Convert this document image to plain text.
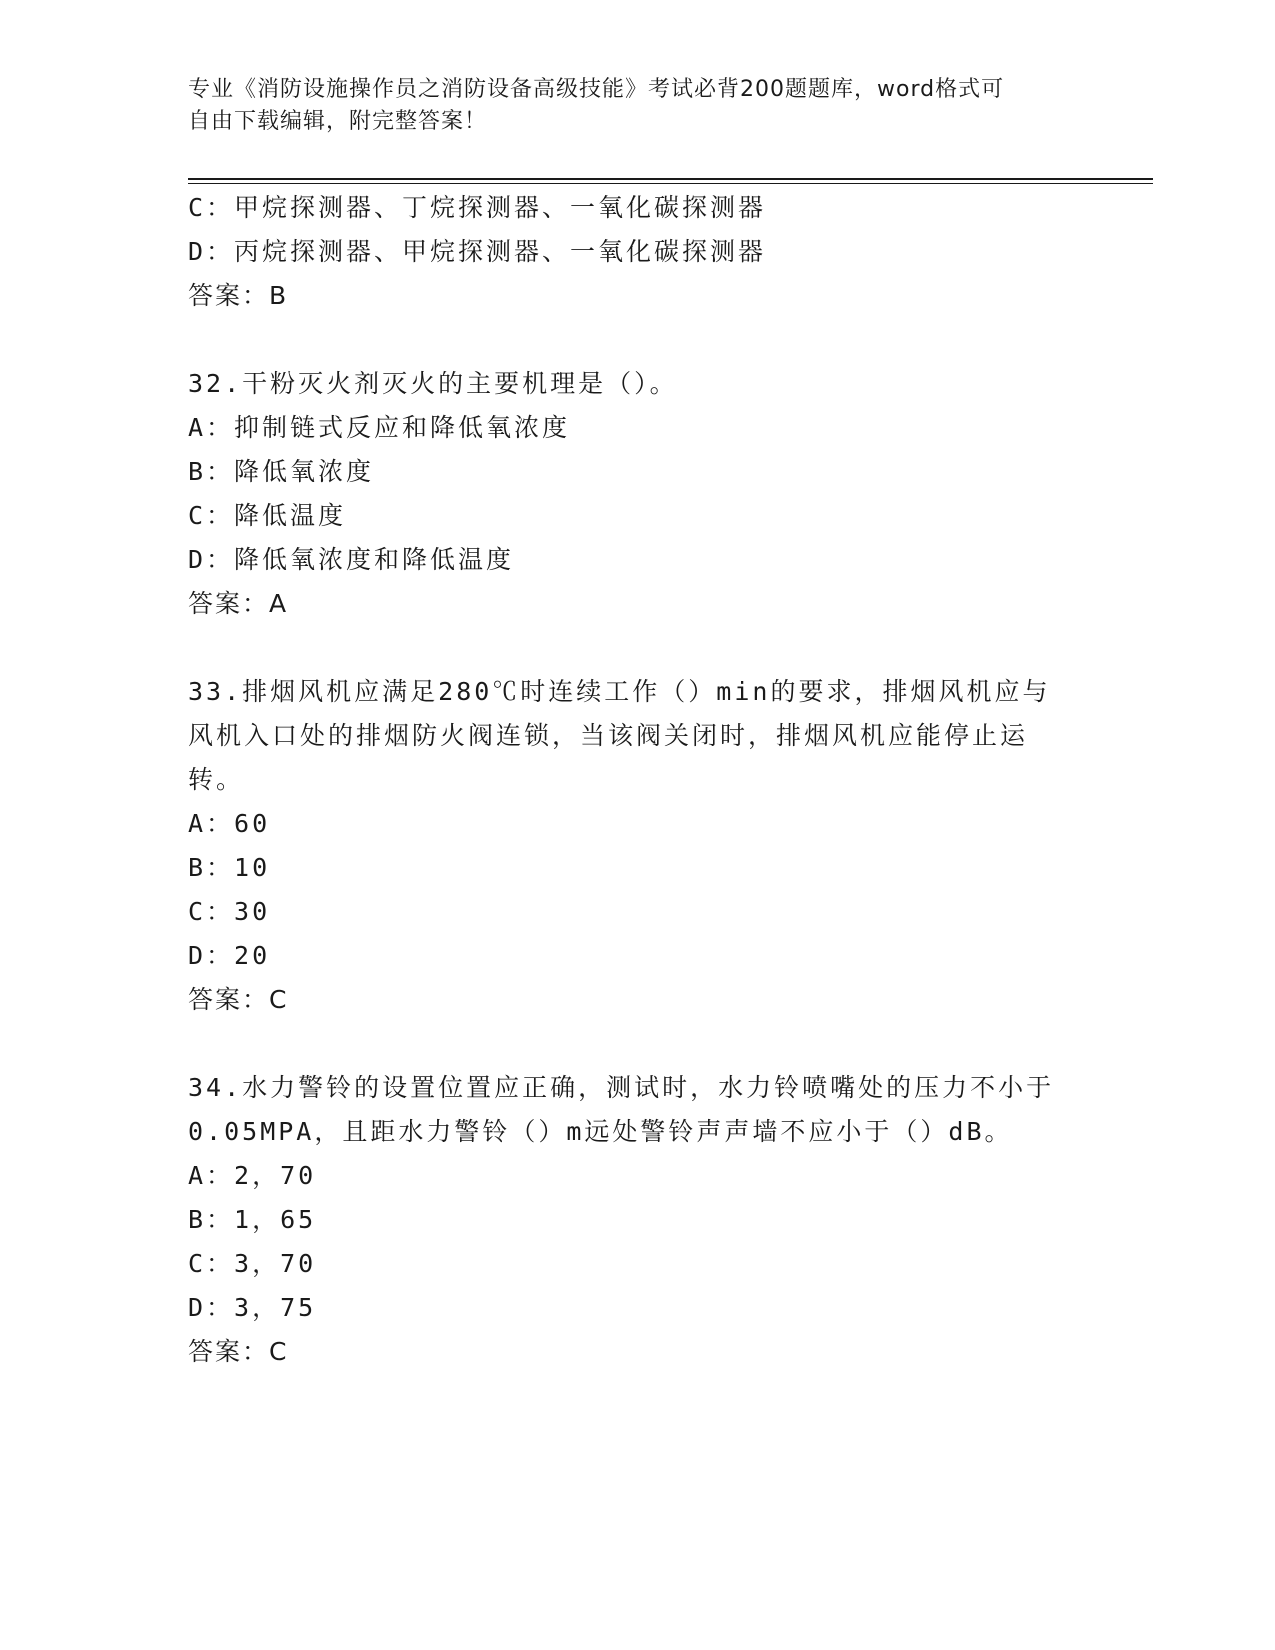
专业《消防设施操作员之消防设备高级技能》考试必背200题题库，word格式可
自由下载编辑，附完整答案！
C：甲烷探测器、丁烷探测器、一氧化碳探测器
D：丙烷探测器、甲烷探测器、一氧化碳探测器
答案：B
32.干粉灭火剂灭火的主要机理是（）。
A：抑制链式反应和降低氧浓度
B：降低氧浓度
C：降低温度
D：降低氧浓度和降低温度
答案：A
33.排烟风机应满足280℃时连续工作（）min的要求，排烟风机应与
风机入口处的排烟防火阀连锁，当该阀关闭时，排烟风机应能停止运
转。
A：60
B：10
C：30
D：20
答案：C
34.水力警铃的设置位置应正确，测试时，水力铃喷嘴处的压力不小于
0.05MPA，且距水力警铃（）m远处警铃声声墙不应小于（）dB。
A：2，70
B：1，65
C：3，70
D：3，75
答案：C
